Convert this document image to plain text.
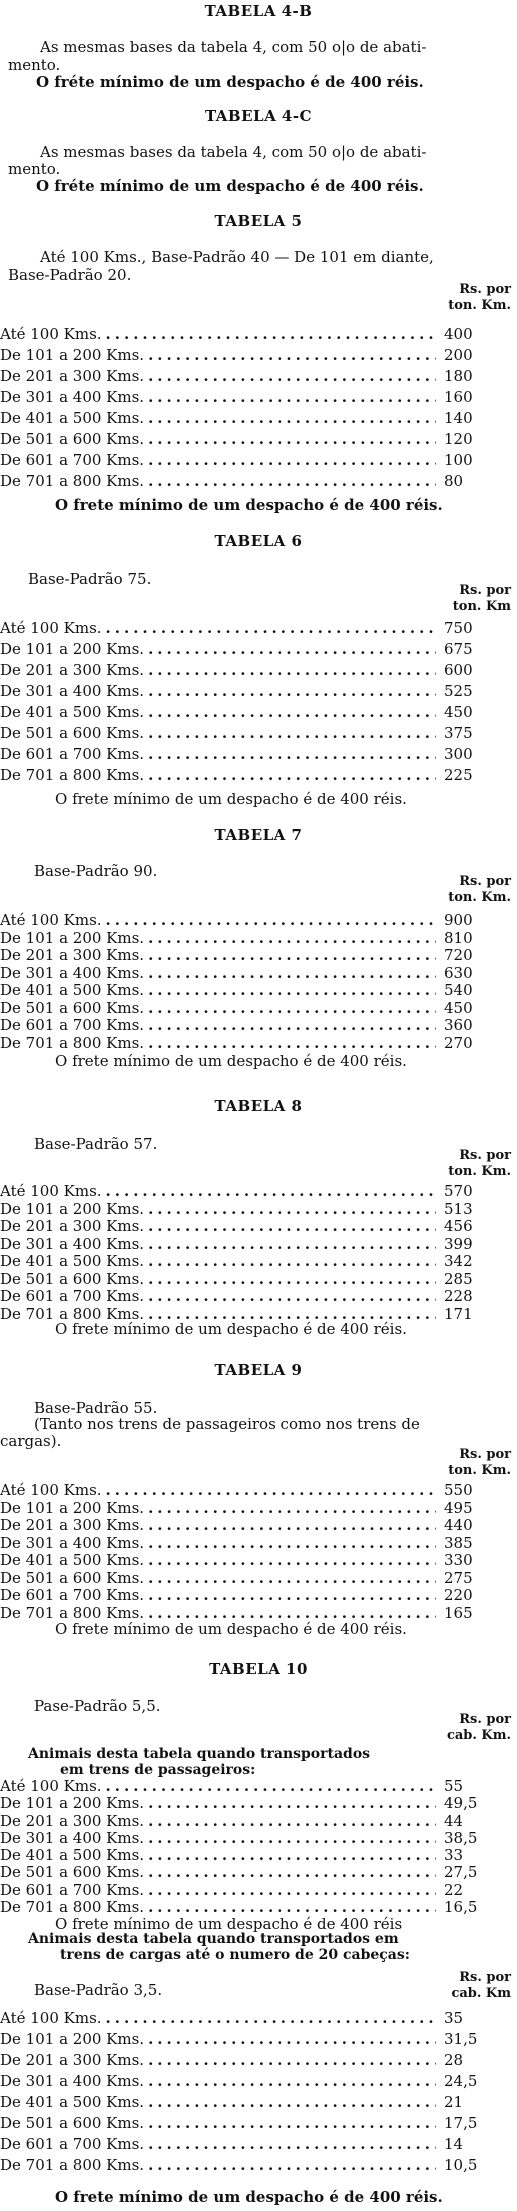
TABELA 4-B
As mesmas bases da tabela 4, com 50 o|o de abati-
mento.
O fréte mínimo de um despacho é de 400 réis.
TABELA 4-C
As mesmas bases da tabela 4, com 50 o|o de abati-
mento.
O fréte mínimo de um despacho é de 400 réis.
TABELA 5
Até 100 Kms., Base-Padrão 40 — De 101 em diante,
Base-Padrão 20.
Rs. por
ton. Km.
Até 100 Kms. .....	400
De 101 a 200 Kms. .....	200
De 201 a 300 Kms. .....	180
De 301 a 400 Kms. .....	160
De 401 a 500 Kms. .....	140
De 501 a 600 Kms. .....	120
De 601 a 700 Kms. .....	100
De 701 a 800 Kms. .....	80
O frete mínimo de um despacho é de 400 réis.
TABELA 6
Base-Padrão 75.
Rs. por
ton. Km
Até 100 Kms. .....	750
De 101 a 200 Kms. .....	675
De 201 a 300 Kms. .....	600
De 301 a 400 Kms. .....	525
De 401 a 500 Kms. .....	450
De 501 a 600 Kms. .....	375
De 601 a 700 Kms. .....	300
De 701 a 800 Kms. .....	225
O frete mínimo de um despacho é de 400 réis.
TABELA 7
Base-Padrão 90.
Rs. por
ton. Km.
Até 100 Kms. .....	900
De 101 a 200 Kms. .....	810
De 201 a 300 Kms. .....	720
De 301 a 400 Kms. .....	630
De 401 a 500 Kms. .....	540
De 501 a 600 Kms. .....	450
De 601 a 700 Kms. .....	360
De 701 a 800 Kms. .....	270
O frete mínimo de um despacho é de 400 réis.
TABELA 8
Base-Padrão 57.
Rs. por
ton. Km.
Até 100 Kms. .....	570
De 101 a 200 Kms. .....	513
De 201 a 300 Kms. .....	456
De 301 a 400 Kms. .....	399
De 401 a 500 Kms. .....	342
De 501 a 600 Kms. .....	285
De 601 a 700 Kms. .....	228
De 701 a 800 Kms. .....	171
O frete mínimo de um despacho é de 400 réis.
TABELA 9
Base-Padrão 55.
(Tanto nos trens de passageiros como nos trens de
cargas).
Rs. por
ton. Km.
Até 100 Kms. .....	550
De 101 a 200 Kms. .....	495
De 201 a 300 Kms. .....	440
De 301 a 400 Kms. .....	385
De 401 a 500 Kms. .....	330
De 501 a 600 Kms. .....	275
De 601 a 700 Kms. .....	220
De 701 a 800 Kms. .....	165
O frete mínimo de um despacho é de 400 réis.
TABELA 10
Pase-Padrão 5,5.
Rs. por
cab. Km.
Animais desta tabela quando transportados
em trens de passageiros:
Até 100 Kms. .....	55
De 101 a 200 Kms. .....	49,5
De 201 a 300 Kms. .....	44
De 301 a 400 Kms. .....	38,5
De 401 a 500 Kms. .....	33
De 501 a 600 Kms. .....	27,5
De 601 a 700 Kms. .....	22
De 701 a 800 Kms. .....	16,5
O frete mínimo de um despacho é de 400 réis
Animais desta tabela quando transportados em
trens de cargas até o numero de 20 cabeças:
Base-Padrão 3,5.
Rs. por
cab. Km
Até 100 Kms. .....	35
De 101 a 200 Kms. .....	31,5
De 201 a 300 Kms. .....	28
De 301 a 400 Kms. .....	24,5
De 401 a 500 Kms. .....	21
De 501 a 600 Kms. .....	17,5
De 601 a 700 Kms. .....	14
De 701 a 800 Kms. .....	10,5
O frete mínimo de um despacho é de 400 réis.
